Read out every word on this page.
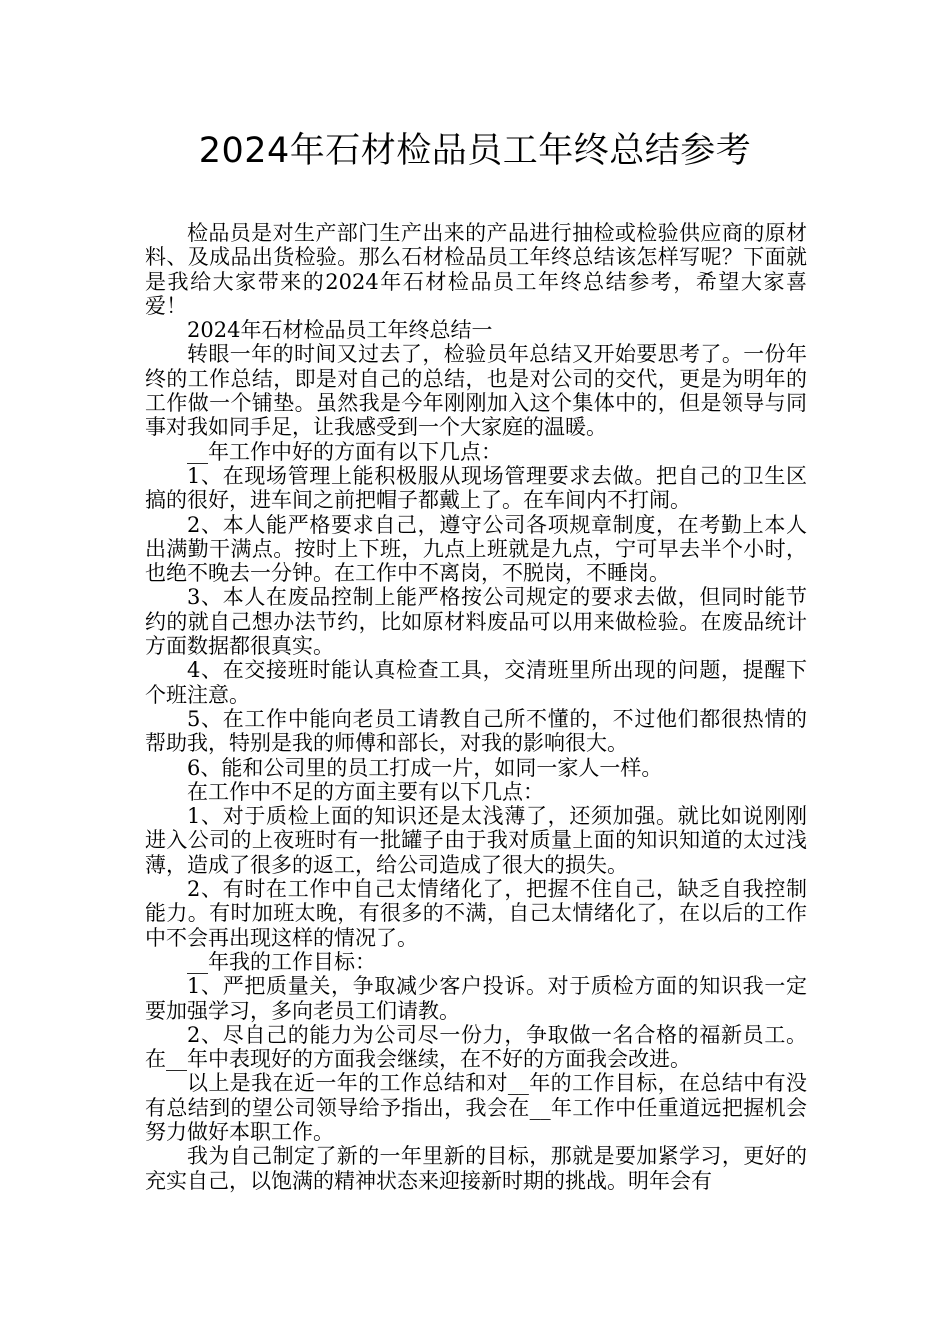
2024年石材检品员工年终总结参考

检品员是对生产部门生产出来的产品进行抽检或检验供应商的原材料、及成品出货检验。那么石材检品员工年终总结该怎样写呢？下面就是我给大家带来的2024年石材检品员工年终总结参考，希望大家喜爱！

2024年石材检品员工年终总结一

转眼一年的时间又过去了，检验员年总结又开始要思考了。一份年终的工作总结，即是对自己的总结，也是对公司的交代，更是为明年的工作做一个铺垫。虽然我是今年刚刚加入这个集体中的，但是领导与同事对我如同手足，让我感受到一个大家庭的温暖。

__年工作中好的方面有以下几点：

1、在现场管理上能积极服从现场管理要求去做。把自己的卫生区搞的很好，进车间之前把帽子都戴上了。在车间内不打闹。

2、本人能严格要求自己，遵守公司各项规章制度，在考勤上本人出满勤干满点。按时上下班，九点上班就是九点，宁可早去半个小时，也绝不晚去一分钟。在工作中不离岗，不脱岗，不睡岗。

3、本人在废品控制上能严格按公司规定的要求去做，但同时能节约的就自己想办法节约，比如原材料废品可以用来做检验。在废品统计方面数据都很真实。

4、在交接班时能认真检查工具，交清班里所出现的问题，提醒下个班注意。

5、在工作中能向老员工请教自己所不懂的，不过他们都很热情的帮助我，特别是我的师傅和部长，对我的影响很大。

6、能和公司里的员工打成一片，如同一家人一样。

在工作中不足的方面主要有以下几点：

1、对于质检上面的知识还是太浅薄了，还须加强。就比如说刚刚进入公司的上夜班时有一批罐子由于我对质量上面的知识知道的太过浅薄，造成了很多的返工，给公司造成了很大的损失。

2、有时在工作中自己太情绪化了，把握不住自己，缺乏自我控制能力。有时加班太晚，有很多的不满，自己太情绪化了，在以后的工作中不会再出现这样的情况了。

__年我的工作目标：

1、严把质量关，争取减少客户投诉。对于质检方面的知识我一定要加强学习，多向老员工们请教。

2、尽自己的能力为公司尽一份力，争取做一名合格的福新员工。在__年中表现好的方面我会继续，在不好的方面我会改进。

以上是我在近一年的工作总结和对__年的工作目标，在总结中有没有总结到的望公司领导给予指出，我会在__年工作中任重道远把握机会努力做好本职工作。

我为自己制定了新的一年里新的目标，那就是要加紧学习，更好的充实自己，以饱满的精神状态来迎接新时期的挑战。明年会有
